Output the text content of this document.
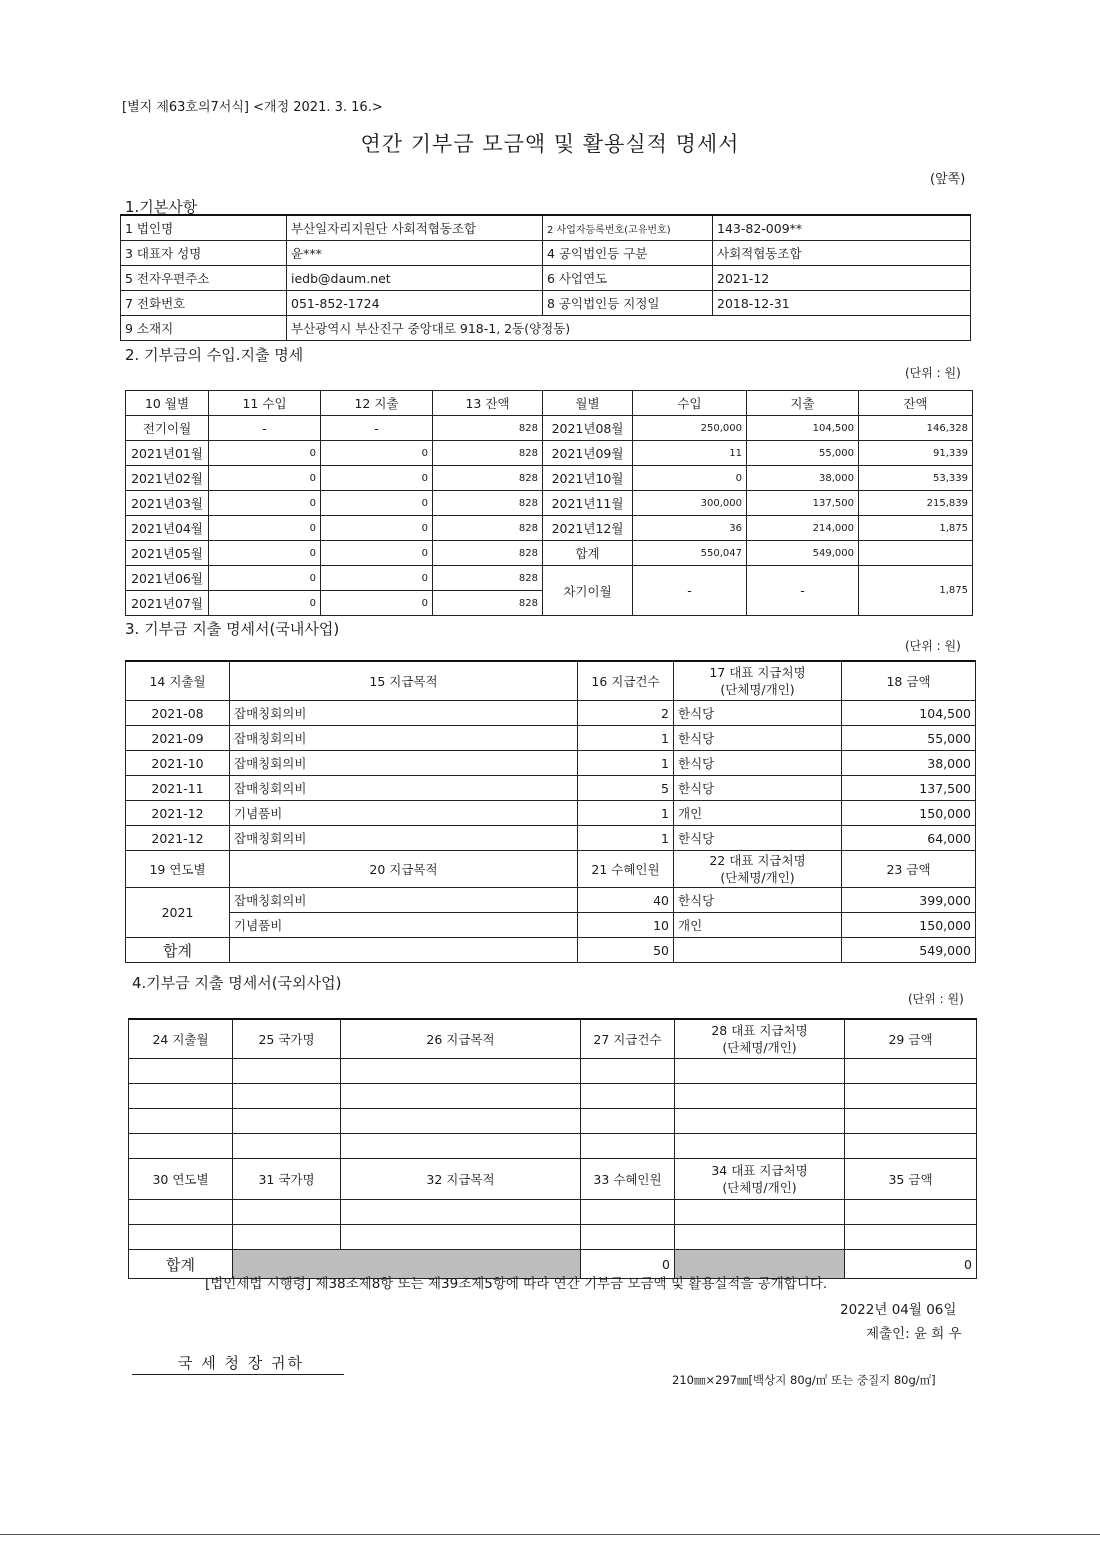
[별지 제63호의7서식] <개정 2021. 3. 16.>
연간 기부금 모금액 및 활용실적 명세서
(앞쪽)
1.기본사항
1 법인명	부산일자리지원단 사회적협동조합	2 사업자등록번호(고유번호)	143-82-009**
3 대표자 성명	윤***	4 공익법인등 구분	사회적협동조합
5 전자우편주소	iedb@daum.net	6 사업연도	2021-12
7 전화번호	051-852-1724	8 공익법인등 지정일	2018-12-31
9 소재지	부산광역시 부산진구 중앙대로 918-1, 2동(양정동)		
2. 기부금의 수입.지출 명세
(단위 : 원)
10 월별	11 수입	12 지출	13 잔액	월별	수입	지출	잔액
전기이월	-	-	828	2021년08월	250,000	104,500	146,328
2021년01월	0	0	828	2021년09월	11	55,000	91,339
2021년02월	0	0	828	2021년10월	0	38,000	53,339
2021년03월	0	0	828	2021년11월	300,000	137,500	215,839
2021년04월	0	0	828	2021년12월	36	214,000	1,875
2021년05월	0	0	828	합계	550,047	549,000	
2021년06월	0	0	828	차기이월	-	-	1,875
2021년07월	0	0	828				
3. 기부금 지출 명세서(국내사업)
(단위 : 원)
14 지출월	15 지급목적	16 지급건수	17 대표 지급처명
(단체명/개인)	18 금액
2021-08	잡매칭회의비	2	한식당	104,500
2021-09	잡매칭회의비	1	한식당	55,000
2021-10	잡매칭회의비	1	한식당	38,000
2021-11	잡매칭회의비	5	한식당	137,500
2021-12	기념품비	1	개인	150,000
2021-12	잡매칭회의비	1	한식당	64,000
19 연도별	20 지급목적	21 수혜인원	22 대표 지급처명
(단체명/개인)	23 금액
2021	잡매칭회의비	40	한식당	399,000
	기념품비	10	개인	150,000
합계		50		549,000
4.기부금 지출 명세서(국외사업)
(단위 : 원)
24 지출월	25 국가명	26 지급목적	27 지급건수	28 대표 지급처명
(단체명/개인)	29 금액

30 연도별	31 국가명	32 지급목적	33 수혜인원	34 대표 지급처명
(단체명/개인)	35 금액

합계			0		0
[법인세법 시행령] 제38조제8항 또는 제39조제5항에 따라 연간 기부금 모금액 및 활용실적을 공개합니다.
2022년 04월 06일
제출인: 윤 희 우
국 세 청 장 귀하
210㎜×297㎜[백상지 80g/㎡ 또는 중질지 80g/㎡]
